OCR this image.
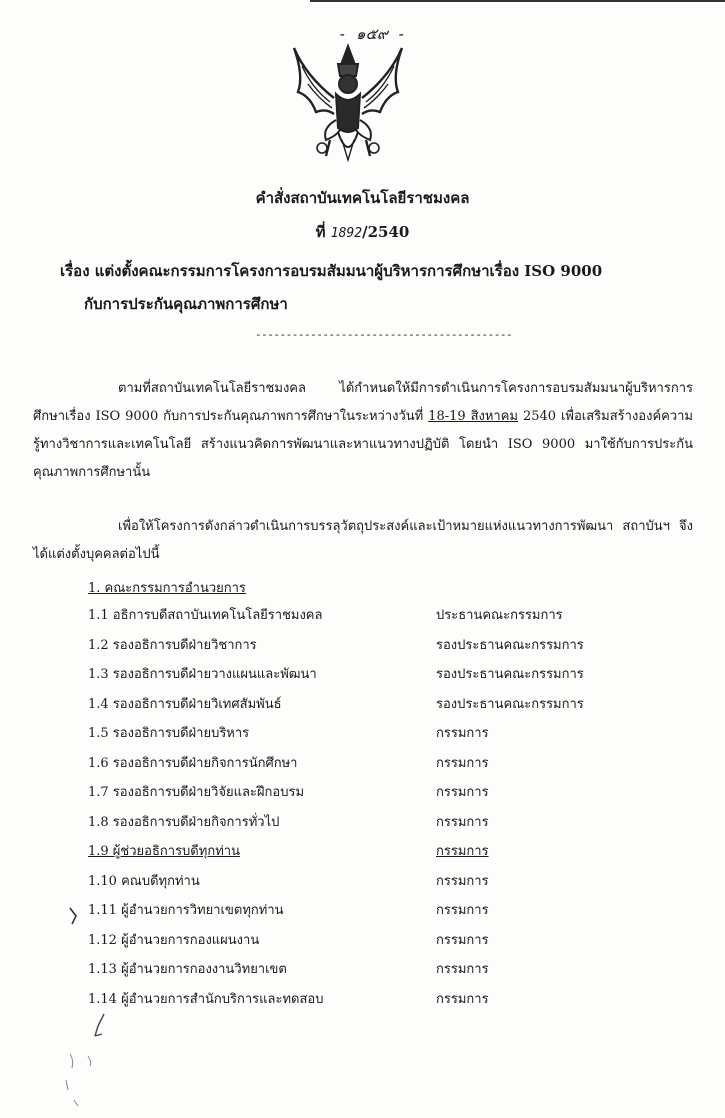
- ๑๕๙ -
คำสั่งสถาบันเทคโนโลยีราชมงคล
ที่ 1892/2540
เรื่อง แต่งตั้งคณะกรรมการโครงการอบรมสัมมนาผู้บริหารการศึกษาเรื่อง ISO 9000
กับการประกันคุณภาพการศึกษา
------------------------------------------
ตามที่สถาบันเทคโนโลยีราชมงคล ได้กำหนดให้มีการดำเนินการโครงการอบรมสัมมนาผู้บริหารการศึกษาเรื่อง ISO 9000 กับการประกันคุณภาพการศึกษาในระหว่างวันที่ 18-19 สิงหาคม 2540 เพื่อเสริมสร้างองค์ความรู้ทางวิชาการและเทคโนโลยี สร้างแนวคิดการพัฒนาและหาแนวทางปฏิบัติ โดยนำ ISO 9000 มาใช้กับการประกันคุณภาพการศึกษานั้น
เพื่อให้โครงการดังกล่าวดำเนินการบรรลุวัตถุประสงค์และเป้าหมายแห่งแนวทางการพัฒนา สถาบันฯ จึงได้แต่งตั้งบุคคลต่อไปนี้
1. คณะกรรมการอำนวยการ
1.1 อธิการบดีสถาบันเทคโนโลยีราชมงคล	ประธานคณะกรรมการ
1.2 รองอธิการบดีฝ่ายวิชาการ	รองประธานคณะกรรมการ
1.3 รองอธิการบดีฝ่ายวางแผนและพัฒนา	รองประธานคณะกรรมการ
1.4 รองอธิการบดีฝ่ายวิเทศสัมพันธ์	รองประธานคณะกรรมการ
1.5 รองอธิการบดีฝ่ายบริหาร	กรรมการ
1.6 รองอธิการบดีฝ่ายกิจการนักศึกษา	กรรมการ
1.7 รองอธิการบดีฝ่ายวิจัยและฝึกอบรม	กรรมการ
1.8 รองอธิการบดีฝ่ายกิจการทั่วไป	กรรมการ
1.9 ผู้ช่วยอธิการบดีทุกท่าน	กรรมการ
1.10 คณบดีทุกท่าน	กรรมการ
1.11 ผู้อำนวยการวิทยาเขตทุกท่าน	กรรมการ
1.12 ผู้อำนวยการกองแผนงาน	กรรมการ
1.13 ผู้อำนวยการกองงานวิทยาเขต	กรรมการ
1.14 ผู้อำนวยการสำนักบริการและทดสอบ	กรรมการ
